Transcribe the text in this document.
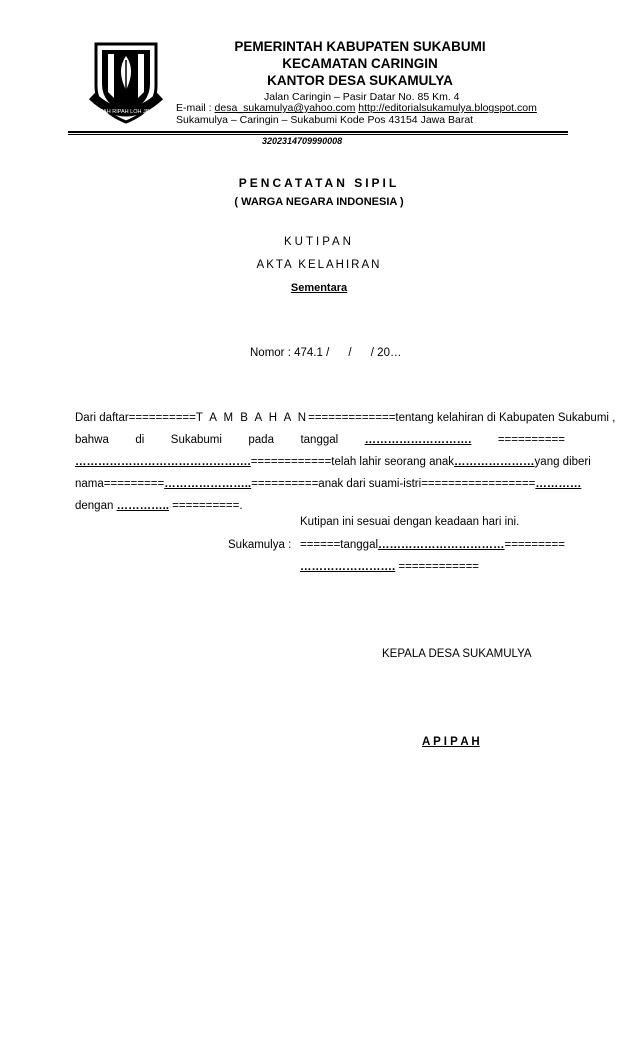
GEMAH RIPAH LOH JINAWI
PEMERINTAH KABUPATEN SUKABUMI
KECAMATAN CARINGIN
KANTOR DESA SUKAMULYA
Jalan Caringin – Pasir Datar No. 85 Km. 4
E-mail : desa_sukamulya@yahoo.com http://editorialsukamulya.blogspot.com
Sukamulya – Caringin – Sukabumi Kode Pos 43154 Jawa Barat
3202314709990008
PENCATATAN SIPIL
( WARGA NEGARA INDONESIA )
KUTIPAN
AKTA KELAHIRAN
Sementara
Nomor : 474.1 /      /      / 20…
Dari daftar ========== T A M B A H A N ============= tentang kelahiran di Kabupaten Sukabumi ,
bahwa di Sukabumi pada tanggal ………………………. ==========
………………………………………. ============ telah lahir seorang anak ………………… yang diberi
nama ========= ………………….. ========== anak dari suami-istri ================= …………
dengan ………….. ==========.
Kutipan ini sesuai dengan keadaan hari ini.
Sukamulya : ====== tanggal …………………………… =========
……………………. ============
KEPALA DESA SUKAMULYA
A P I P A H
